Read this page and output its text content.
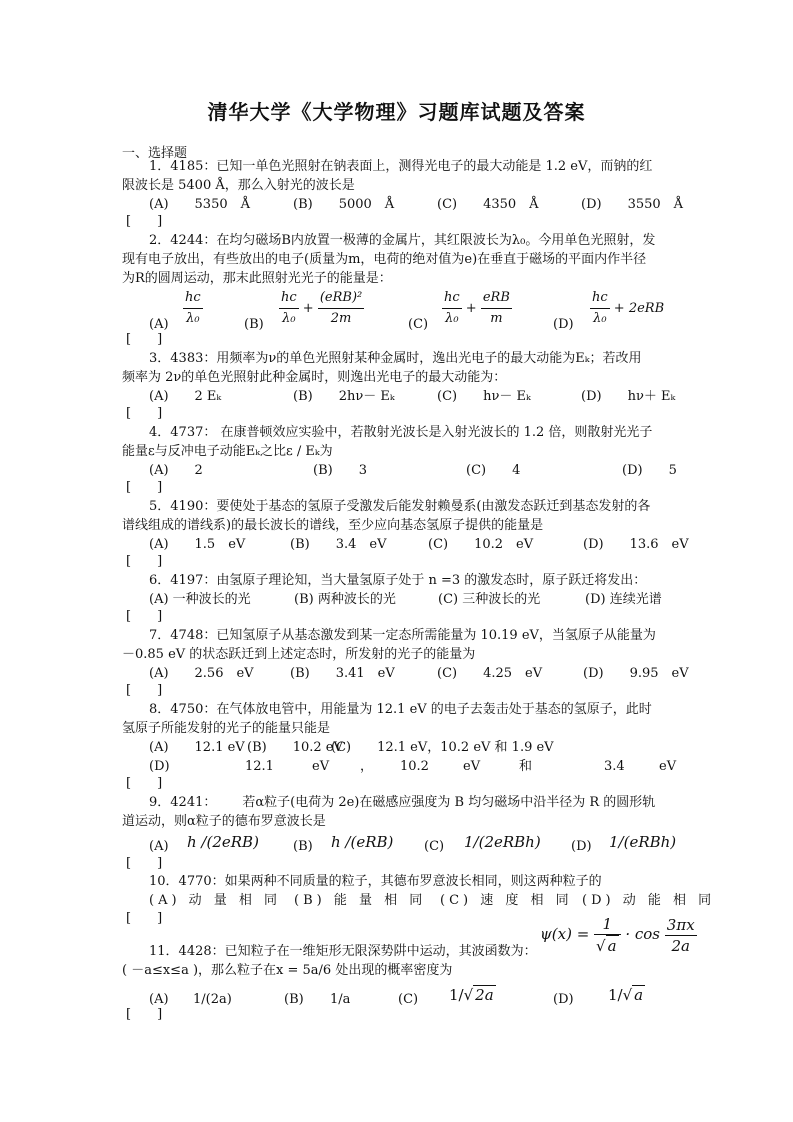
清华大学《大学物理》习题库试题及答案
一、选择题
1．4185：已知一单色光照射在钠表面上，测得光电子的最大动能是 1.2 eV，而钠的红
限波长是 5400 Å，那么入射光的波长是
(A)  5350 Å	(B)  5000 Å	(C)  4350 Å	(D)  3550 Å
[　　]
2．4244：在均匀磁场B内放置一极薄的金属片，其红限波长为λ₀。今用单色光照射，发
现有电子放出，有些放出的电子(质量为m，电荷的绝对值为e)在垂直于磁场的平面内作半径
为R的圆周运动，那末此照射光光子的能量是：
$(A) \frac{hc}{\text{λ₀}}$	$(B) \frac{hc}{\text{λ₀}} + \frac{\text{(eRB)²}}{2m}$	$(C) \frac{hc}{\text{λ₀}} + \frac{\text{eRB}}{m}$	$(D) \frac{hc}{\text{λ₀}} + 2eRB$
[　　]
3．4383：用频率为ν的单色光照射某种金属时，逸出光电子的最大动能为Eₖ；若改用
频率为 2ν的单色光照射此种金属时，则逸出光电子的最大动能为：
(A)  2 Eₖ	(B)  2hν－ Eₖ	(C)  hν－ Eₖ	(D)  hν＋ Eₖ
[　　]
4．4737： 在康普顿效应实验中，若散射光波长是入射光波长的 1.2 倍，则散射光光子
能量ε与反冲电子动能Eₖ之比ε / Eₖ为
(A)  2	(B)  3	(C)  4	(D)  5
[　　]
5．4190：要使处于基态的氢原子受激发后能发射赖曼系(由激发态跃迁到基态发射的各
谱线组成的谱线系)的最长波长的谱线，至少应向基态氢原子提供的能量是
(A)  1.5 eV	(B)  3.4 eV	(C)  10.2 eV	(D)  13.6 eV
[　　]
6．4197：由氢原子理论知，当大量氢原子处于 n =3 的激发态时，原子跃迁将发出：
(A) 一种波长的光	(B) 两种波长的光	(C) 三种波长的光	(D) 连续光谱
[　　]
7．4748：已知氢原子从基态激发到某一定态所需能量为 10.19 eV，当氢原子从能量为
－0.85 eV 的状态跃迁到上述定态时，所发射的光子的能量为
(A)  2.56 eV	(B)  3.41 eV	(C)  4.25 eV	(D)  9.95 eV
[　　]
8．4750：在气体放电管中，用能量为 12.1 eV 的电子去轰击处于基态的氢原子，此时
氢原子所能发射的光子的能量只能是
(A)  12.1 eV (B)  10.2 eV
(C)  12.1 eV，10.2 eV 和 1.9 eV
(D)	12.1	eV ， 10.2	eV	和	3.4	eV
[　　]
9．4241：  若α粒子(电荷为 2e)在磁感应强度为 B 均匀磁场中沿半径为 R 的圆形轨
道运动，则α粒子的德布罗意波长是
(A) h /(2eRB)	(B) h /(eRB) (C) 1/(2eRBh) (D) 1/(eRBh)
[　　]
10．4770：如果两种不同质量的粒子，其德布罗意波长相同，则这两种粒子的
(A) 动 量 相 同 (B) 能 量 相 同 (C) 速 度 相 同 (D) 动 能 相 同
[　　]
$\psi(x) = \frac{1}{√ a} \cdot \cos \frac{3\pi x}{2a}$
11．4428：已知粒子在一维矩形无限深势阱中运动，其波函数为：
( －a≤x≤a )，那么粒子在x = 5a/6 处出现的概率密度为
(A) 1/(2a)	(B) 1/a	(C) 1/√ 2a	(D) 1/√ a
[　　]
